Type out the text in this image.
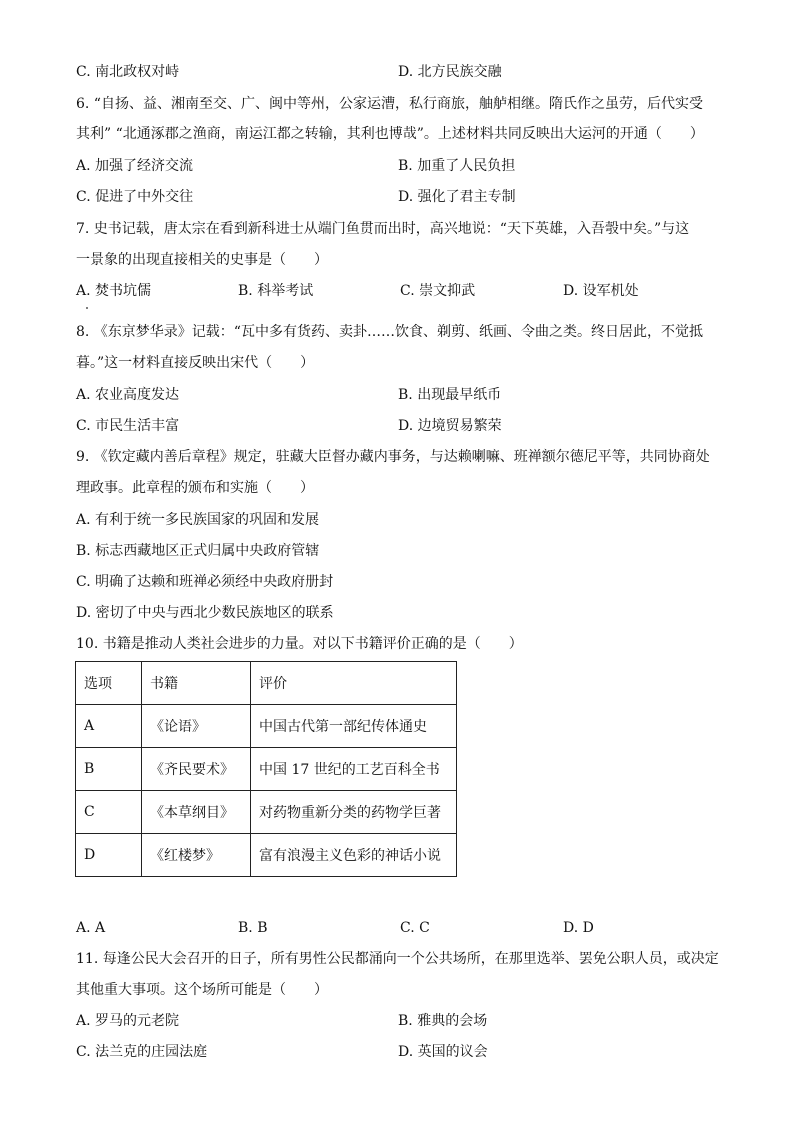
C. 南北政权对峙	D. 北方民族交融
6. “自扬、益、湘南至交、广、闽中等州，公家运漕，私行商旅，舳舻相继。隋氏作之虽劳，后代实受
其利” “北通涿郡之渔商，南运江都之转输，其利也博哉”。上述材料共同反映出大运河的开通（　　）
A. 加强了经济交流	B. 加重了人民负担
C. 促进了中外交往	D. 强化了君主专制
7. 史书记载，唐太宗在看到新科进士从端门鱼贯而出时，高兴地说：“天下英雄，入吾彀中矣。”与这
一景象的出现直接相关的史事是（　　）
A. 焚书坑儒	B. 科举考试	C. 崇文抑武	D. 设军机处
8. 《东京梦华录》记载：“瓦中多有货药、卖卦……饮食、剃剪、纸画、令曲之类。终日居此，不觉抵
暮。”这一材料直接反映出宋代（　　）
A. 农业高度发达	B. 出现最早纸币
C. 市民生活丰富	D. 边境贸易繁荣
9. 《钦定藏内善后章程》规定，驻藏大臣督办藏内事务，与达赖喇嘛、班禅额尔德尼平等，共同协商处
理政事。此章程的颁布和实施（　　）
A. 有利于统一多民族国家的巩固和发展
B. 标志西藏地区正式归属中央政府管辖
C. 明确了达赖和班禅必须经中央政府册封
D. 密切了中央与西北少数民族地区的联系
10. 书籍是推动人类社会进步的力量。对以下书籍评价正确的是（　　）
选项	书籍	评价
A	《论语》	中国古代第一部纪传体通史
B	《齐民要术》	中国 17 世纪的工艺百科全书
C	《本草纲目》	对药物重新分类的药物学巨著
D	《红楼梦》	富有浪漫主义色彩的神话小说
A. A	B. B	C. C	D. D
11. 每逢公民大会召开的日子，所有男性公民都涌向一个公共场所，在那里选举、罢免公职人员，或决定
其他重大事项。这个场所可能是（　　）
A. 罗马的元老院	B. 雅典的会场
C. 法兰克的庄园法庭	D. 英国的议会
